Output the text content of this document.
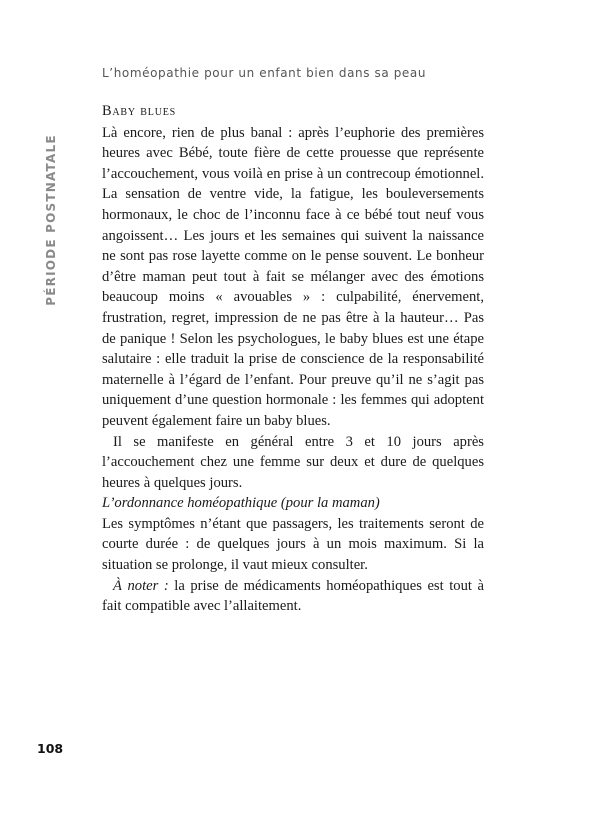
L’homéopathie pour un enfant bien dans sa peau
PÉRIODE POSTNATALE
Baby blues

Là encore, rien de plus banal : après l’euphorie des premières heures avec Bébé, toute fière de cette prouesse que représente l’accouchement, vous voilà en prise à un contrecoup émotionnel. La sensation de ventre vide, la fatigue, les bouleversements hormonaux, le choc de l’inconnu face à ce bébé tout neuf vous angoissent… Les jours et les semaines qui suivent la naissance ne sont pas rose layette comme on le pense souvent. Le bonheur d’être maman peut tout à fait se mélanger avec des émotions beaucoup moins « avouables » : culpabilité, énervement, frustration, regret, impression de ne pas être à la hauteur… Pas de panique ! Selon les psychologues, le baby blues est une étape salutaire : elle traduit la prise de conscience de la responsabilité maternelle à l’égard de l’enfant. Pour preuve qu’il ne s’agit pas uniquement d’une question hormonale : les femmes qui adoptent peuvent également faire un baby blues.

Il se manifeste en général entre 3 et 10 jours après l’accouchement chez une femme sur deux et dure de quelques heures à quelques jours.

L’ordonnance homéopathique (pour la maman)

Les symptômes n’étant que passagers, les traitements seront de courte durée : de quelques jours à un mois maximum. Si la situation se prolonge, il vaut mieux consulter.

À noter : la prise de médicaments homéopathiques est tout à fait compatible avec l’allaitement.

108
